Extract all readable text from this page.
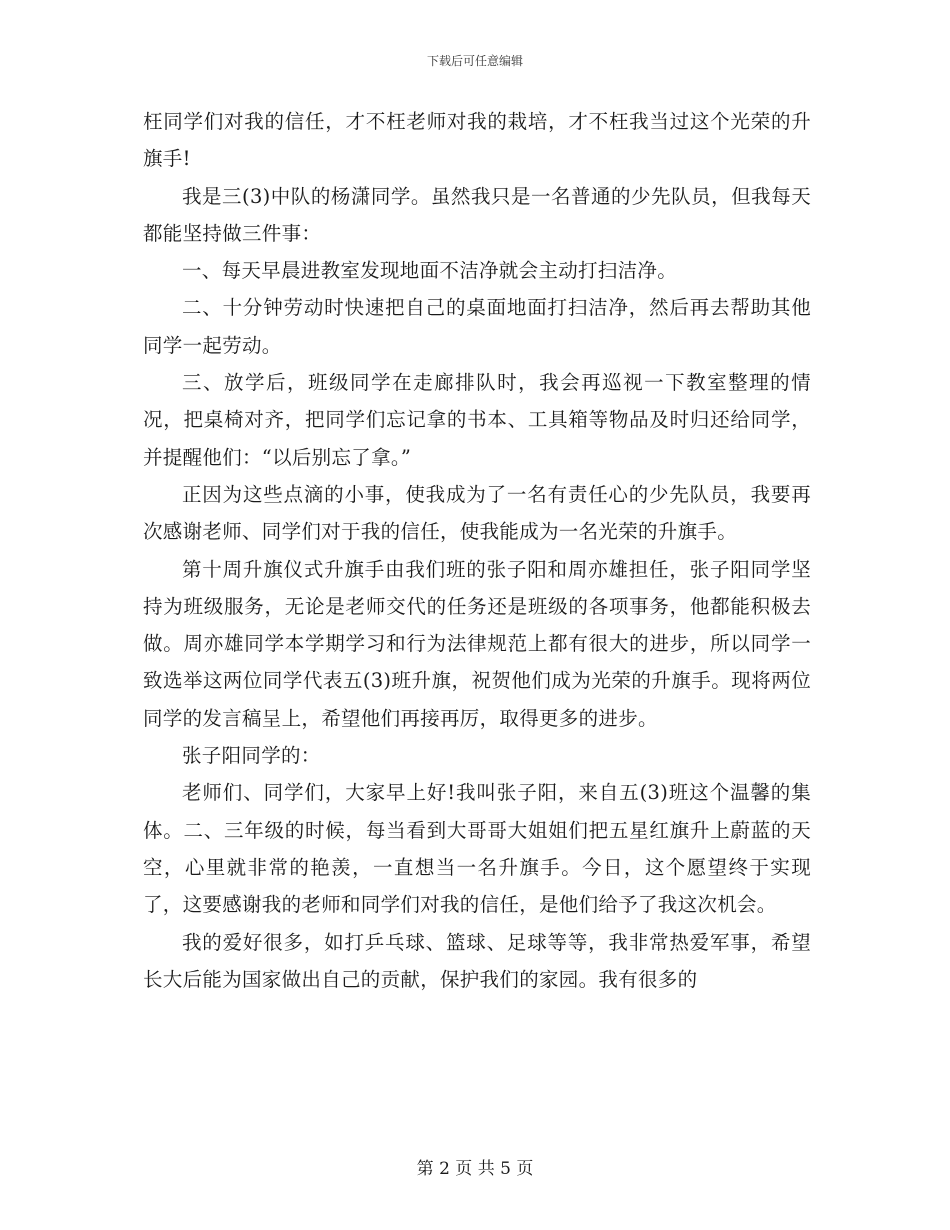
下载后可任意编辑

枉同学们对我的信任，才不枉老师对我的栽培，才不枉我当过这个光荣的升旗手!

我是三(3)中队的杨潇同学。虽然我只是一名普通的少先队员，但我每天都能坚持做三件事：

一、每天早晨进教室发现地面不洁净就会主动打扫洁净。

二、十分钟劳动时快速把自己的桌面地面打扫洁净，然后再去帮助其他同学一起劳动。

三、放学后，班级同学在走廊排队时，我会再巡视一下教室整理的情况，把桌椅对齐，把同学们忘记拿的书本、工具箱等物品及时归还给同学，并提醒他们：“以后别忘了拿。”

正因为这些点滴的小事，使我成为了一名有责任心的少先队员，我要再次感谢老师、同学们对于我的信任，使我能成为一名光荣的升旗手。

第十周升旗仪式升旗手由我们班的张子阳和周亦雄担任，张子阳同学坚持为班级服务，无论是老师交代的任务还是班级的各项事务，他都能积极去做。周亦雄同学本学期学习和行为法律规范上都有很大的进步，所以同学一致选举这两位同学代表五(3)班升旗，祝贺他们成为光荣的升旗手。现将两位同学的发言稿呈上，希望他们再接再厉，取得更多的进步。

张子阳同学的：

老师们、同学们，大家早上好!我叫张子阳，来自五(3)班这个温馨的集体。二、三年级的时候，每当看到大哥哥大姐姐们把五星红旗升上蔚蓝的天空，心里就非常的艳羡，一直想当一名升旗手。今日，这个愿望终于实现了，这要感谢我的老师和同学们对我的信任，是他们给予了我这次机会。

我的爱好很多，如打乒乓球、篮球、足球等等，我非常热爱军事，希望长大后能为国家做出自己的贡献，保护我们的家园。我有很多的

第 2 页 共 5 页
